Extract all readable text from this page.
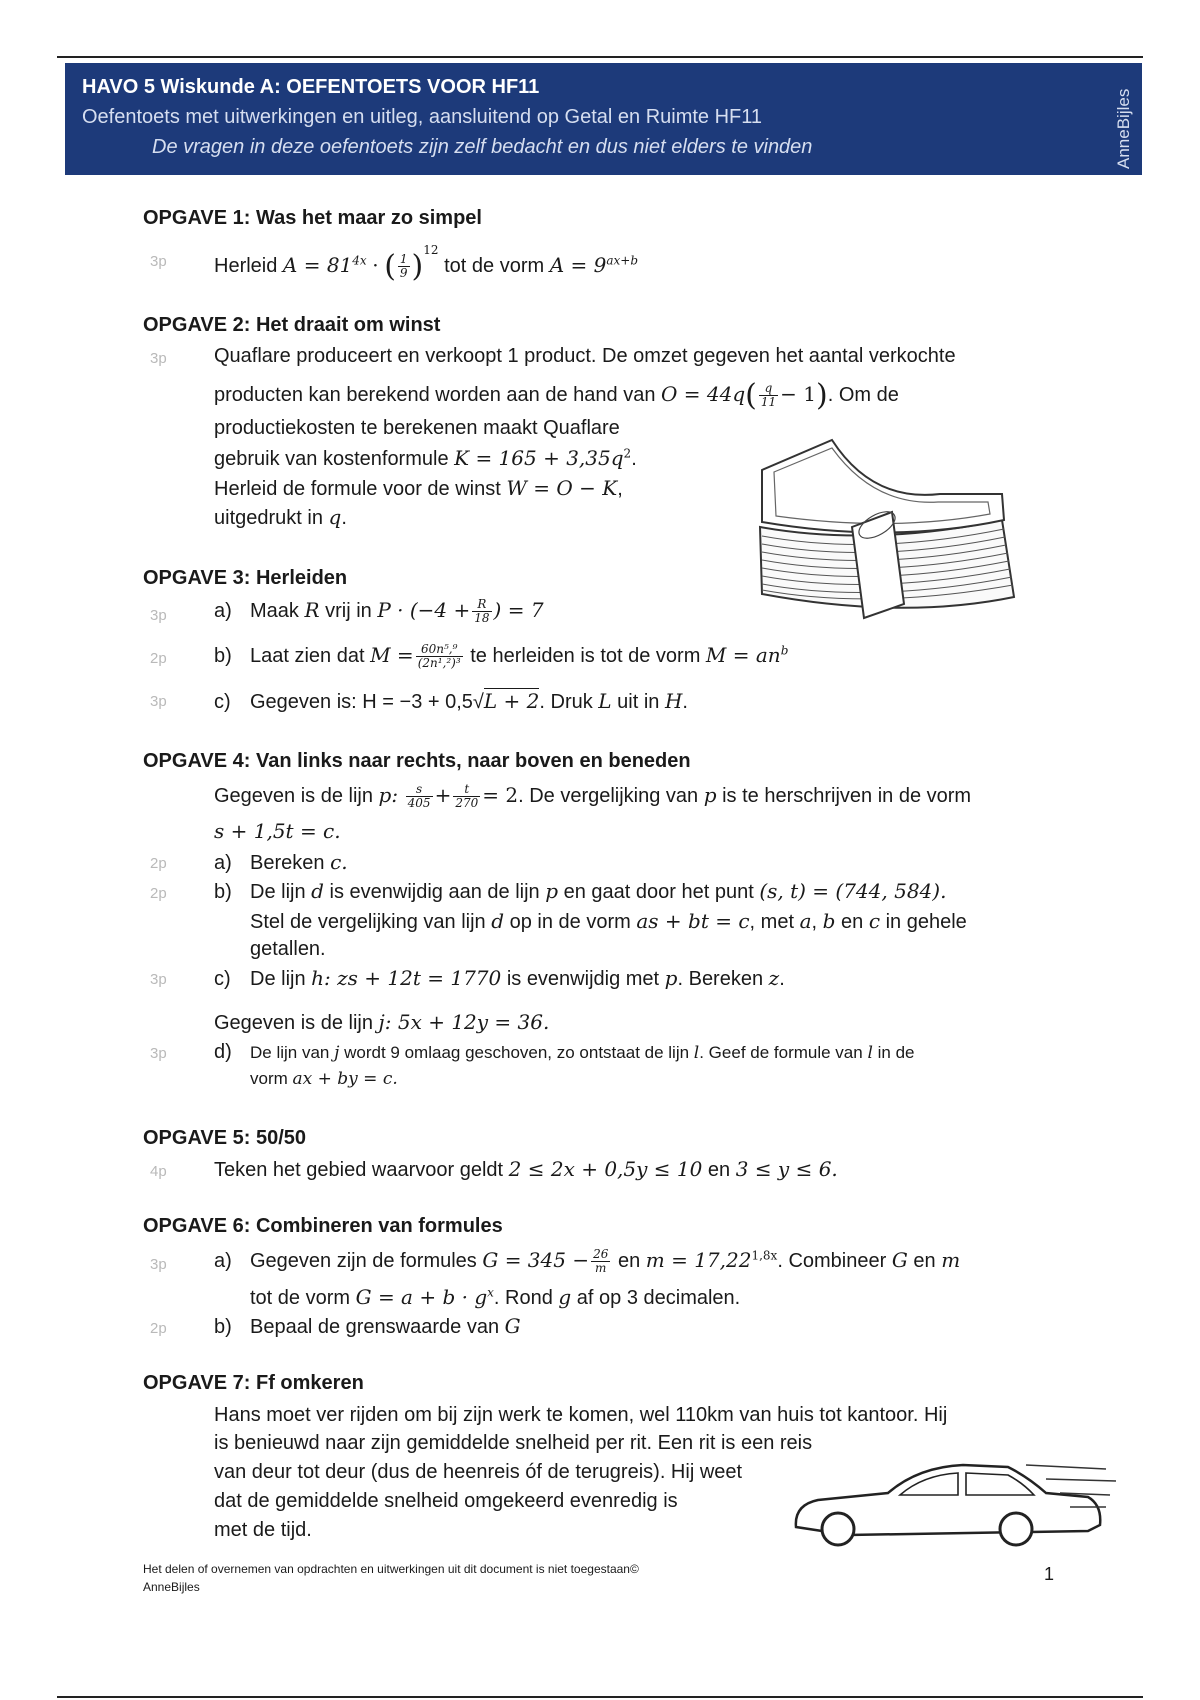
HAVO 5 Wiskunde A: OEFENTOETS VOOR HF11
Oefentoets met uitwerkingen en uitleg, aansluitend op Getal en Ruimte HF11
De vragen in deze oefentoets zijn zelf bedacht en dus niet elders te vinden	AnneBijles
OPGAVE 1: Was het maar zo simpel
3p Herleid $A = 81^{4x}$ · ( $\frac{1}{9} )^{12}$ tot de vorm $A = 9^{ax+b}$
OPGAVE 2: Het draait om winst
3p Quaflare produceert en verkoopt 1 product. De omzet gegeven het aantal verkochte
producten kan berekend worden aan de hand van $O = 44q( \frac{q}{11} - 1)$. Om de
productiekosten te berekenen maakt Quaflare
gebruik van kostenformule $K = 165 + 3,35q^2$.
Herleid de formule voor de winst W = O − K,
uitgedrukt in q.
OPGAVE 3: Herleiden
3p a) Maak R vrij in $P \cdot (-4 + \frac{R}{18}$ ) = 7
2p b) Laat zien dat $M = \frac{\text{60n⁵,⁹}}{\text{(2n¹,²)³}}$ te herleiden is tot de vorm $M = an^b$
3p c) Gegeven is: H = −3 + 0,5√L + 2. Druk L uit in H.
OPGAVE 4: Van links naar rechts, naar boven en beneden
Gegeven is de lijn p: $\frac{s}{405} + \frac{t}{270} = 2$. De vergelijking van p is te herschrijven in de vorm
s + 1,5t = c.
2p a) Bereken c.
2p b) De lijn d is evenwijdig aan de lijn p en gaat door het punt (s, t) = (744, 584).
Stel de vergelijking van lijn d op in de vorm as + bt = c, met a, b en c in gehele
getallen.
3p c) De lijn h: zs + 12t = 1770 is evenwijdig met p. Bereken z.
Gegeven is de lijn j: 5x + 12y = 36.
3p d) De lijn van j wordt 9 omlaag geschoven, zo ontstaat de lijn l. Geef de formule van l in de
vorm ax + by = c.
OPGAVE 5: 50/50
4p Teken het gebied waarvoor geldt 2 ≤ 2x + 0,5y ≤ 10 en 3 ≤ y ≤ 6.
OPGAVE 6: Combineren van formules
3p a) Gegeven zijn de formules $G = 345 - \frac{26}{m}$ en $m = 17,22^{1,8x}$. Combineer G en m
tot de vorm $G = a + b \cdot g^x$. Rond g af op 3 decimalen.
2p b) Bepaal de grenswaarde van G
OPGAVE 7: Ff omkeren
Hans moet ver rijden om bij zijn werk te komen, wel 110km van huis tot kantoor. Hij
is benieuwd naar zijn gemiddelde snelheid per rit. Een rit is een reis
van deur tot deur (dus de heenreis óf de terugreis). Hij weet
dat de gemiddelde snelheid omgekeerd evenredig is
met de tijd.
Het delen of overnemen van opdrachten en uitwerkingen uit dit document is niet toegestaan©
AnneBijles
1
